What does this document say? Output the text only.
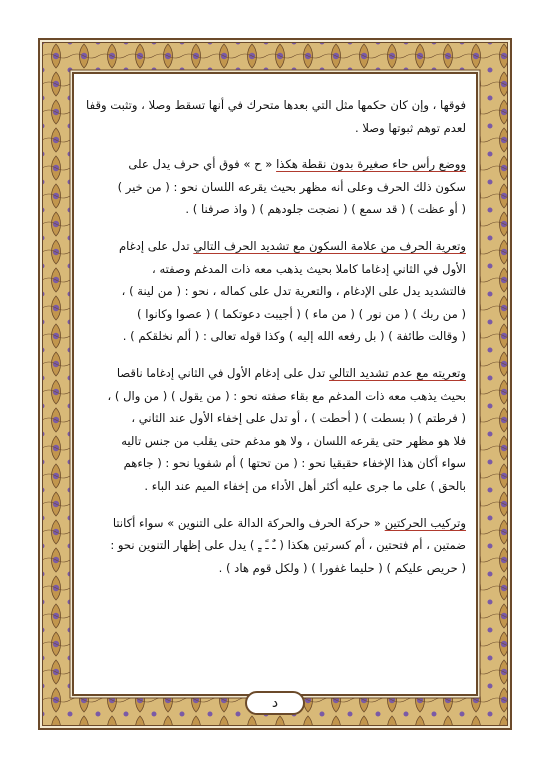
فوقها ، وإن كان حكمها مثل التي بعدها متحرك في أنها تسقط وصلا ، وتثبت وقفا

لعدم توهم ثبوتها وصلا .

ووضع رأس حاء صغيرة بدون نقطة هكذا « ح » فوق أي حرف يدل على

سكون ذلك الحرف وعلى أنه مظهر بحيث يقرعه اللسان نحو : ( من خير )

( أو عظت ) ( قد سمع ) ( نضجت جلودهم ) ( واذ صرفنا ) .

وتعرية الحرف من علامة السكون مع تشديد الحرف التالي تدل على إدغام

الأول في الثاني إدغاما كاملا بحيث يذهب معه ذات المدغم وصفته ،

فالتشديد يدل على الإدغام ، والتعرية تدل على كماله ، نحو : ( من لينة ) ،

( من ربك ) ( من نور ) ( من ماء ) ( أجيبت دعوتكما ) ( عصوا وكانوا )

( وقالت طائفة ) ( بل رفعه الله إليه ) وكذا قوله تعالى : ( ألم نخلقكم ) .

وتعريته مع عدم تشديد التالي تدل على إدغام الأول في الثاني إدغاما ناقصا

بحيث يذهب معه ذات المدغم مع بقاء صفته نحو : ( من يقول ) ( من وال ) ،

( فرطتم ) ( بسطت ) ( أحطت ) ، أو تدل على إخفاء الأول عند الثاني ،

فلا هو مظهر حتى يقرعه اللسان ، ولا هو مدغم حتى يقلب من جنس تاليه

سواء أكان هذا الإخفاء حقيقيا نحو : ( من تحتها ) أم شفويا نحو : ( جاءهم

بالحق ) على ما جرى عليه أكثر أهل الأداء من إخفاء الميم عند الباء .

وتركيب الحركتين « حركة الحرف والحركة الدالة على التنوين » سواء أكانتا

ضمتين ، أم فتحتين ، أم كسرتين هكذا ( ـٌ ـً ـٍ ) يدل على إظهار التنوين نحو :

( حريص عليكم ) ( حليما غفورا ) ( ولكل قوم هاد ) .

د
